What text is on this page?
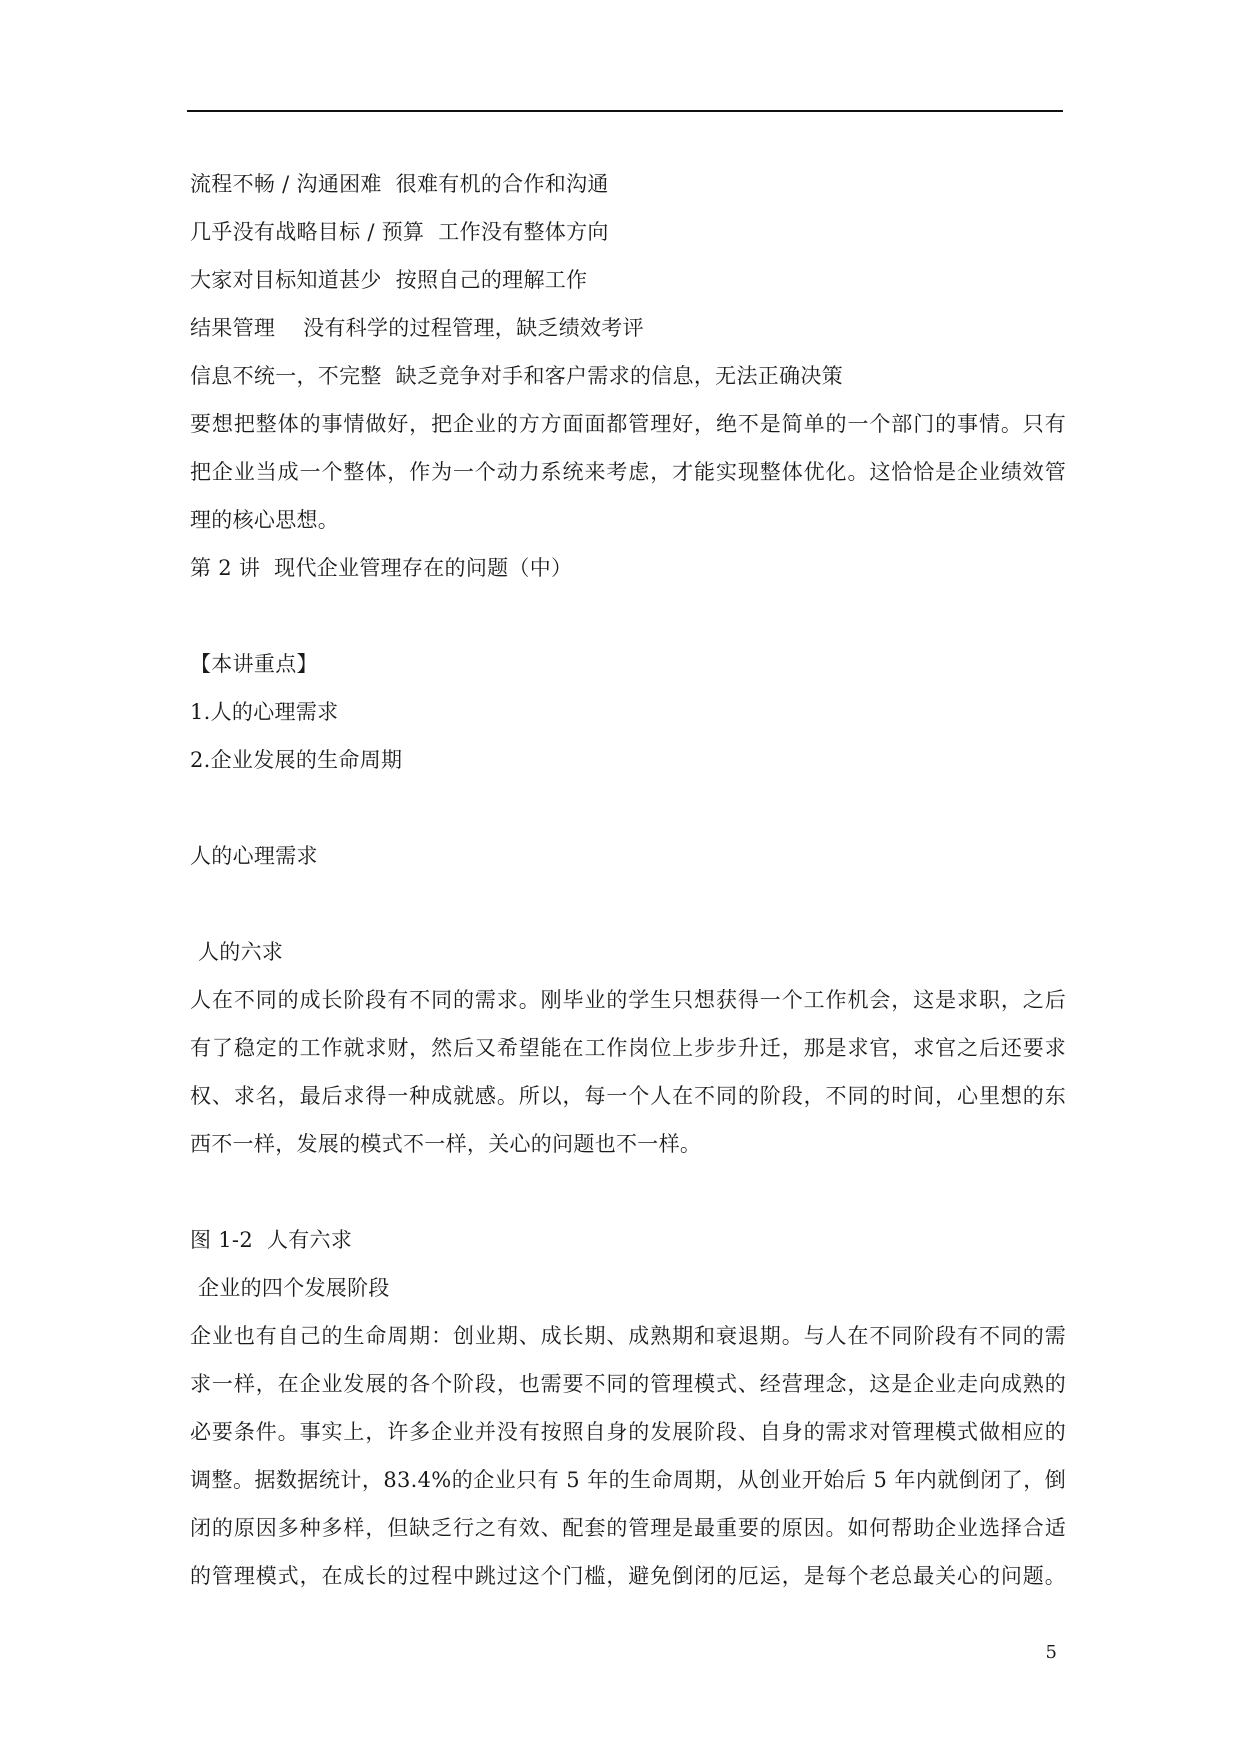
流程不畅 / 沟通困难  很难有机的合作和沟通
几乎没有战略目标 / 预算  工作没有整体方向
大家对目标知道甚少  按照自己的理解工作
结果管理    没有科学的过程管理，缺乏绩效考评
信息不统一，不完整  缺乏竞争对手和客户需求的信息，无法正确决策
要想把整体的事情做好，把企业的方方面面都管理好，绝不是简单的一个部门的事情。只有
把企业当成一个整体，作为一个动力系统来考虑，才能实现整体优化。这恰恰是企业绩效管
理的核心思想。
第 2 讲  现代企业管理存在的问题（中）
【本讲重点】
1.人的心理需求
2.企业发展的生命周期
人的心理需求
人的六求
人在不同的成长阶段有不同的需求。刚毕业的学生只想获得一个工作机会，这是求职，之后
有了稳定的工作就求财，然后又希望能在工作岗位上步步升迁，那是求官，求官之后还要求
权、求名，最后求得一种成就感。所以，每一个人在不同的阶段，不同的时间，心里想的东
西不一样，发展的模式不一样，关心的问题也不一样。
图 1-2  人有六求
企业的四个发展阶段
企业也有自己的生命周期：创业期、成长期、成熟期和衰退期。与人在不同阶段有不同的需
求一样，在企业发展的各个阶段，也需要不同的管理模式、经营理念，这是企业走向成熟的
必要条件。事实上，许多企业并没有按照自身的发展阶段、自身的需求对管理模式做相应的
调整。据数据统计，83.4%的企业只有 5 年的生命周期，从创业开始后 5 年内就倒闭了，倒
闭的原因多种多样，但缺乏行之有效、配套的管理是最重要的原因。如何帮助企业选择合适
的管理模式，在成长的过程中跳过这个门槛，避免倒闭的厄运，是每个老总最关心的问题。
5
